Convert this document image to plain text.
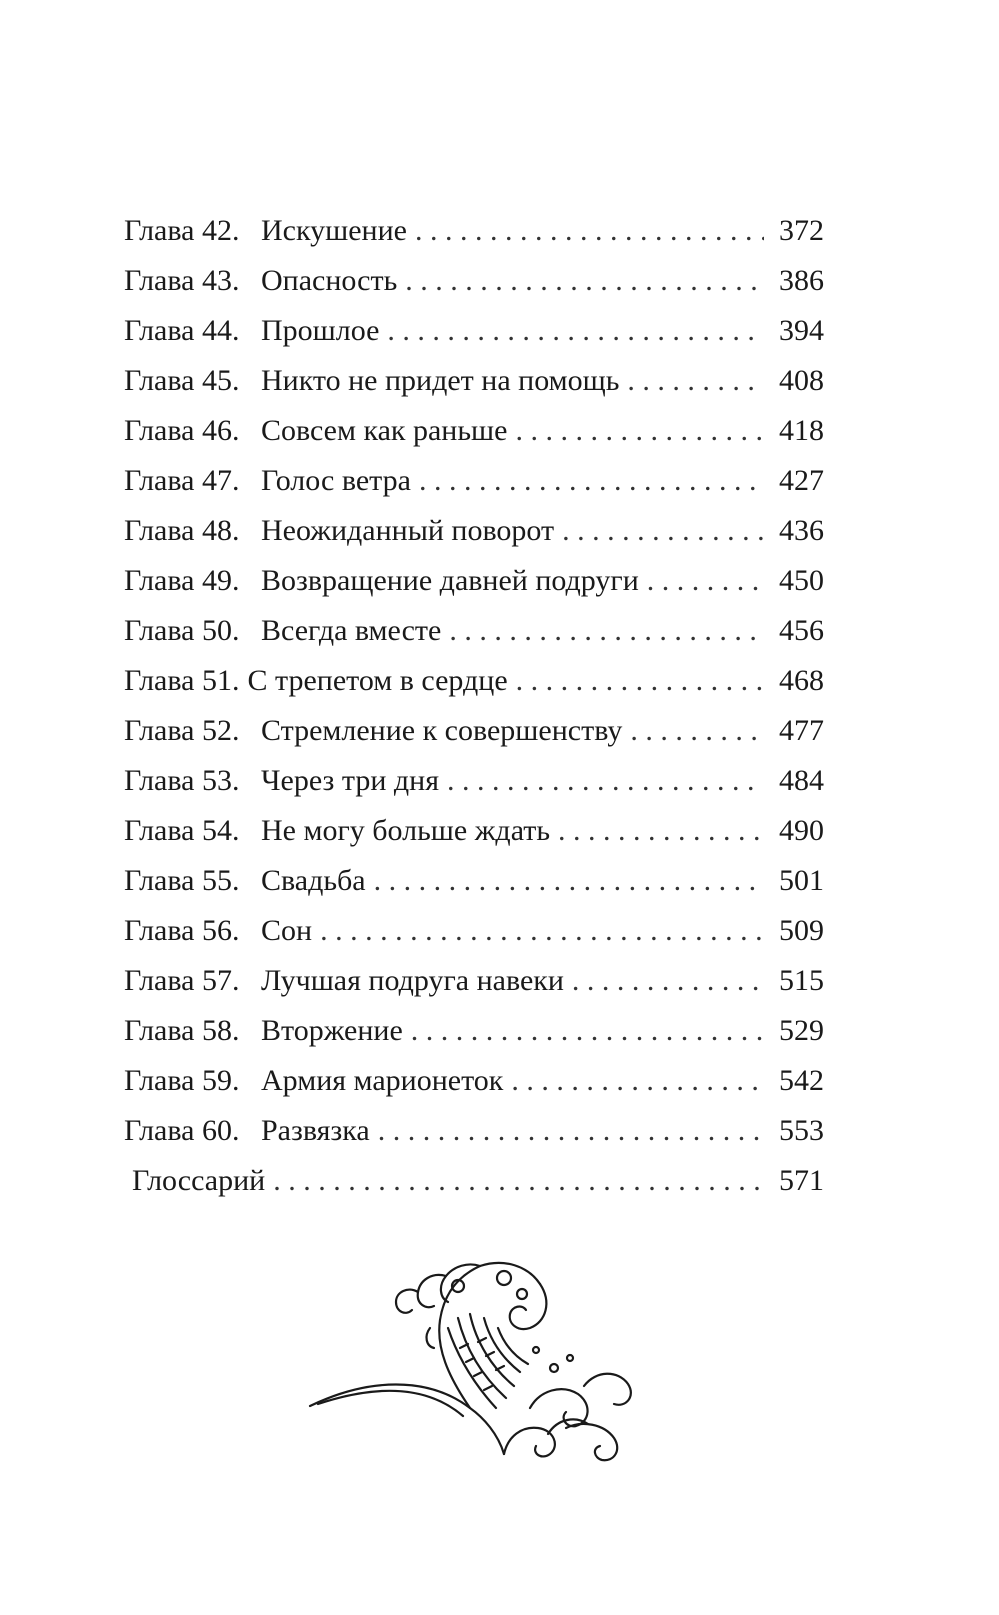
Глава 42. Искушение . . .	372
Глава 43. Опасность . . .	386
Глава 44. Прошлое . . .	394
Глава 45. Никто не придет на помощь . . .	408
Глава 46. Совсем как раньше . . .	418
Глава 47. Голос ветра . . .	427
Глава 48. Неожиданный поворот . . .	436
Глава 49. Возвращение давней подруги . . .	450
Глава 50. Всегда вместе . . .	456
Глава 51. С трепетом в сердце . . .	468
Глава 52. Стремление к совершенству . . .	477
Глава 53. Через три дня . . .	484
Глава 54. Не могу больше ждать . . .	490
Глава 55. Свадьба . . .	501
Глава 56. Сон . . .	509
Глава 57. Лучшая подруга навеки . . .	515
Глава 58. Вторжение . . .	529
Глава 59. Армия марионеток . . .	542
Глава 60. Развязка . . .	553
Глоссарий . . .	571
